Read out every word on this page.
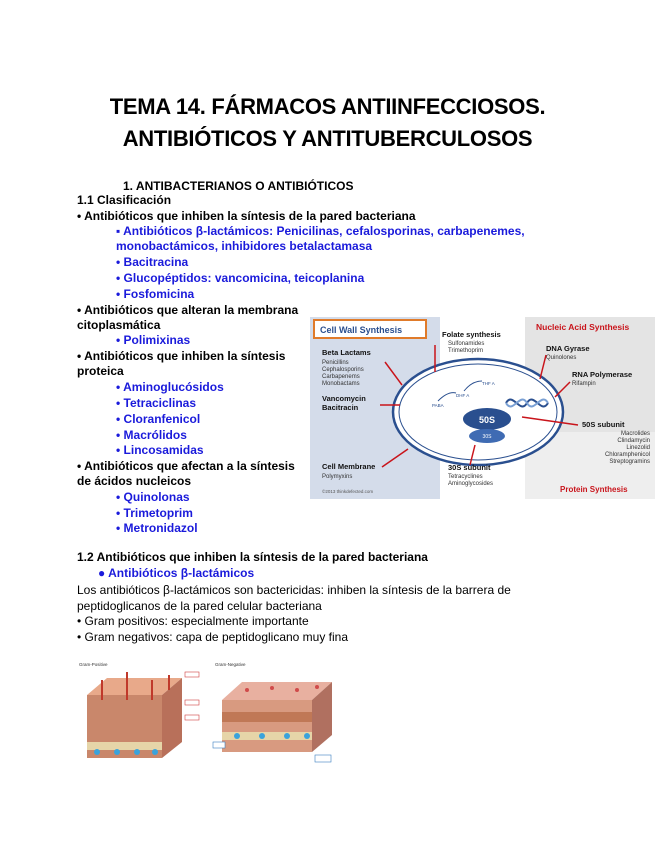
TEMA 14. FÁRMACOS ANTIINFECCIOSOS.
ANTIBIÓTICOS Y ANTITUBERCULOSOS
1. ANTIBACTERIANOS O ANTIBIÓTICOS
1.1 Clasificación
• Antibióticos que inhiben la síntesis de la pared bacteriana
▪ Antibióticos β-lactámicos: Penicilinas, cefalosporinas, carbapenemes,
monobactámicos, inhibidores betalactamasa
• Bacitracina
• Glucopéptidos: vancomicina, teicoplanina
• Fosfomicina
• Antibióticos que alteran la membrana
citoplasmática
• Polimixinas
• Antibióticos que inhiben la síntesis
proteica
• Aminoglucósidos
• Tetraciclinas
• Cloranfenicol
• Macrólidos
• Lincosamidas
• Antibióticos que afectan a la síntesis
de ácidos nucleicos
• Quinolonas
• Trimetoprim
• Metronidazol
Cell Wall Synthesis	Nucleic Acid Synthesis
Beta Lactams
Penicillins
Cephalosporins
Carbapenems
Monobactams
Vancomycin
Bacitracin
Cell Membrane
Polymyxins
©2013 thinkdefected.com
Folate synthesis
Sulfonamides
Trimethoprim
PABA
DHF A
THF A
DNA Gyrase
Quinolones
RNA Polymerase
Rifampin
50S
30S
50S subunit
Macrolides
Clindamycin
Linezolid
Chloramphenicol
Streptogramins
30S subunit
Tetracyclines
Aminoglycosides
Protein Synthesis
1.2 Antibióticos que inhiben la síntesis de la pared bacteriana
● Antibióticos β-lactámicos
Los antibióticos β-lactámicos son bactericidas: inhiben la síntesis de la barrera de
peptidoglicanos de la pared celular bacteriana
• Gram positivos: especialmente importante
• Gram negativos: capa de peptidoglicano muy fina
Gram-Positive	Gram-Negative
